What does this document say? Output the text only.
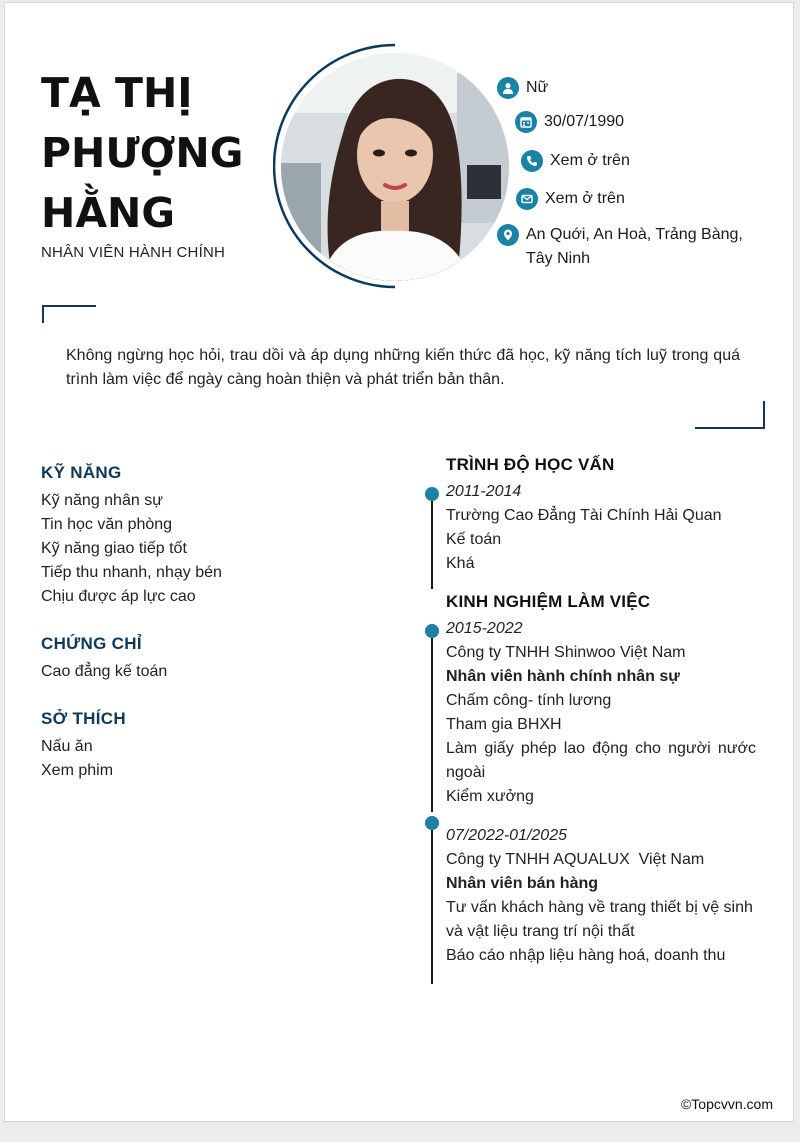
TẠ THỊ
PHƯỢNG
HẰNG
NHÂN VIÊN HÀNH CHÍNH
Nữ
30/07/1990
Xem ở trên
Xem ở trên
An Quới, An Hoà, Trảng Bàng, Tây Ninh
Không ngừng học hỏi, trau dồi và áp dụng những kiến thức đã học, kỹ năng tích luỹ trong quá trình làm việc để ngày càng hoàn thiện và phát triển bản thân.
KỸ NĂNG
Kỹ năng nhân sự
Tin học văn phòng
Kỹ năng giao tiếp tốt
Tiếp thu nhanh, nhạy bén
Chịu được áp lực cao
CHỨNG CHỈ
Cao đẳng kế toán
SỞ THÍCH
Nấu ăn
Xem phim
TRÌNH ĐỘ HỌC VẤN
2011-2014
Trường Cao Đẳng Tài Chính Hải Quan
Kế toán
Khá
KINH NGHIỆM LÀM VIỆC
2015-2022
Công ty TNHH Shinwoo Việt Nam
Nhân viên hành chính nhân sự
Chấm công- tính lương
Tham gia BHXH
Làm giấy phép lao động cho người nước ngoài
Kiểm xưởng
07/2022-01/2025
Công ty TNHH AQUALUX  Việt Nam
Nhân viên bán hàng
Tư vấn khách hàng về trang thiết bị vệ sinh và vật liệu trang trí nội thất
Báo cáo nhập liệu hàng hoá, doanh thu
©Topcvvn.com
